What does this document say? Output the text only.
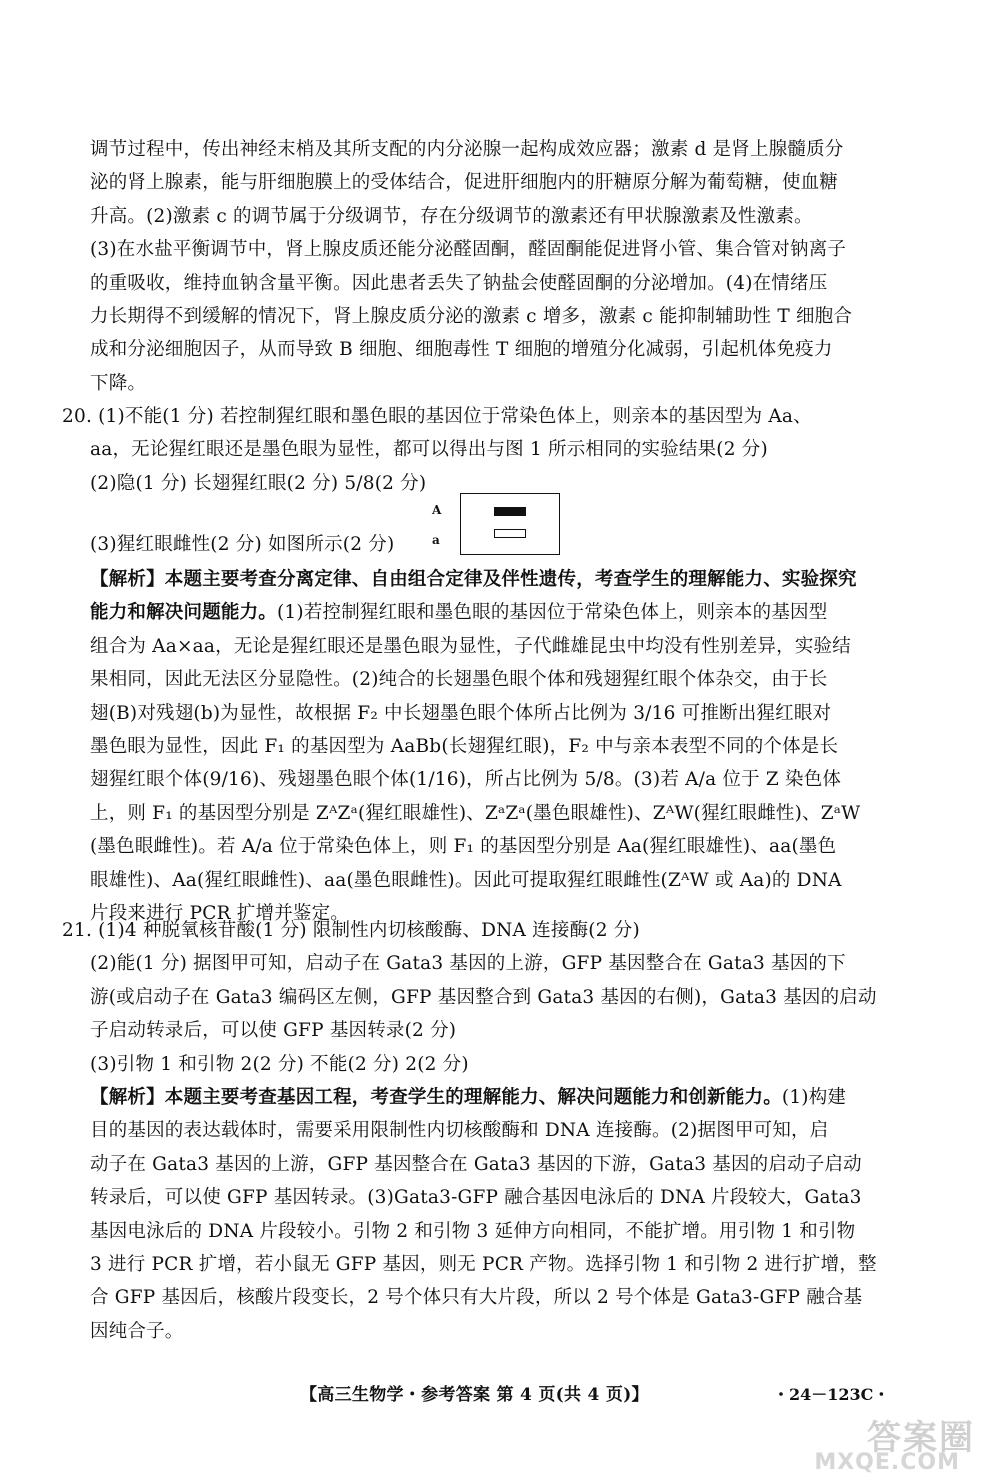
调节过程中，传出神经末梢及其所支配的内分泌腺一起构成效应器；激素 d 是肾上腺髓质分
泌的肾上腺素，能与肝细胞膜上的受体结合，促进肝细胞内的肝糖原分解为葡萄糖，使血糖
升高。(2)激素 c 的调节属于分级调节，存在分级调节的激素还有甲状腺激素及性激素。
(3)在水盐平衡调节中，肾上腺皮质还能分泌醛固酮，醛固酮能促进肾小管、集合管对钠离子
的重吸收，维持血钠含量平衡。因此患者丢失了钠盐会使醛固酮的分泌增加。(4)在情绪压
力长期得不到缓解的情况下，肾上腺皮质分泌的激素 c 增多，激素 c 能抑制辅助性 T 细胞合
成和分泌细胞因子，从而导致 B 细胞、细胞毒性 T 细胞的增殖分化减弱，引起机体免疫力
下降。
20. (1)不能(1 分) 若控制猩红眼和墨色眼的基因位于常染色体上，则亲本的基因型为 Aa、
aa，无论猩红眼还是墨色眼为显性，都可以得出与图 1 所示相同的实验结果(2 分)
(2)隐(1 分) 长翅猩红眼(2 分) 5/8(2 分)
A
a
(3)猩红眼雌性(2 分) 如图所示(2 分)
【解析】本题主要考查分离定律、自由组合定律及伴性遗传，考查学生的理解能力、实验探究
能力和解决问题能力。(1)若控制猩红眼和墨色眼的基因位于常染色体上，则亲本的基因型
组合为 Aa×aa，无论是猩红眼还是墨色眼为显性，子代雌雄昆虫中均没有性别差异，实验结
果相同，因此无法区分显隐性。(2)纯合的长翅墨色眼个体和残翅猩红眼个体杂交，由于长
翅(B)对残翅(b)为显性，故根据 F₂ 中长翅墨色眼个体所占比例为 3/16 可推断出猩红眼对
墨色眼为显性，因此 F₁ 的基因型为 AaBb(长翅猩红眼)，F₂ 中与亲本表型不同的个体是长
翅猩红眼个体(9/16)、残翅墨色眼个体(1/16)，所占比例为 5/8。(3)若 A/a 位于 Z 染色体
上，则 F₁ 的基因型分别是 ZᴬZᵃ(猩红眼雄性)、ZᵃZᵃ(墨色眼雄性)、ZᴬW(猩红眼雌性)、ZᵃW
(墨色眼雌性)。若 A/a 位于常染色体上，则 F₁ 的基因型分别是 Aa(猩红眼雄性)、aa(墨色
眼雄性)、Aa(猩红眼雌性)、aa(墨色眼雌性)。因此可提取猩红眼雌性(ZᴬW 或 Aa)的 DNA
片段来进行 PCR 扩增并鉴定。
21. (1)4 种脱氧核苷酸(1 分) 限制性内切核酸酶、DNA 连接酶(2 分)
(2)能(1 分) 据图甲可知，启动子在 Gata3 基因的上游，GFP 基因整合在 Gata3 基因的下
游(或启动子在 Gata3 编码区左侧，GFP 基因整合到 Gata3 基因的右侧)，Gata3 基因的启动
子启动转录后，可以使 GFP 基因转录(2 分)
(3)引物 1 和引物 2(2 分) 不能(2 分) 2(2 分)
【解析】本题主要考查基因工程，考查学生的理解能力、解决问题能力和创新能力。(1)构建
目的基因的表达载体时，需要采用限制性内切核酸酶和 DNA 连接酶。(2)据图甲可知，启
动子在 Gata3 基因的上游，GFP 基因整合在 Gata3 基因的下游，Gata3 基因的启动子启动
转录后，可以使 GFP 基因转录。(3)Gata3-GFP 融合基因电泳后的 DNA 片段较大，Gata3
基因电泳后的 DNA 片段较小。引物 2 和引物 3 延伸方向相同，不能扩增。用引物 1 和引物
3 进行 PCR 扩增，若小鼠无 GFP 基因，则无 PCR 产物。选择引物 1 和引物 2 进行扩增，整
合 GFP 基因后，核酸片段变长，2 号个体只有大片段，所以 2 号个体是 Gata3-GFP 融合基
因纯合子。
【高三生物学・参考答案 第 4 页(共 4 页)】	・24－123C・
答案圈
MXQE.COM
